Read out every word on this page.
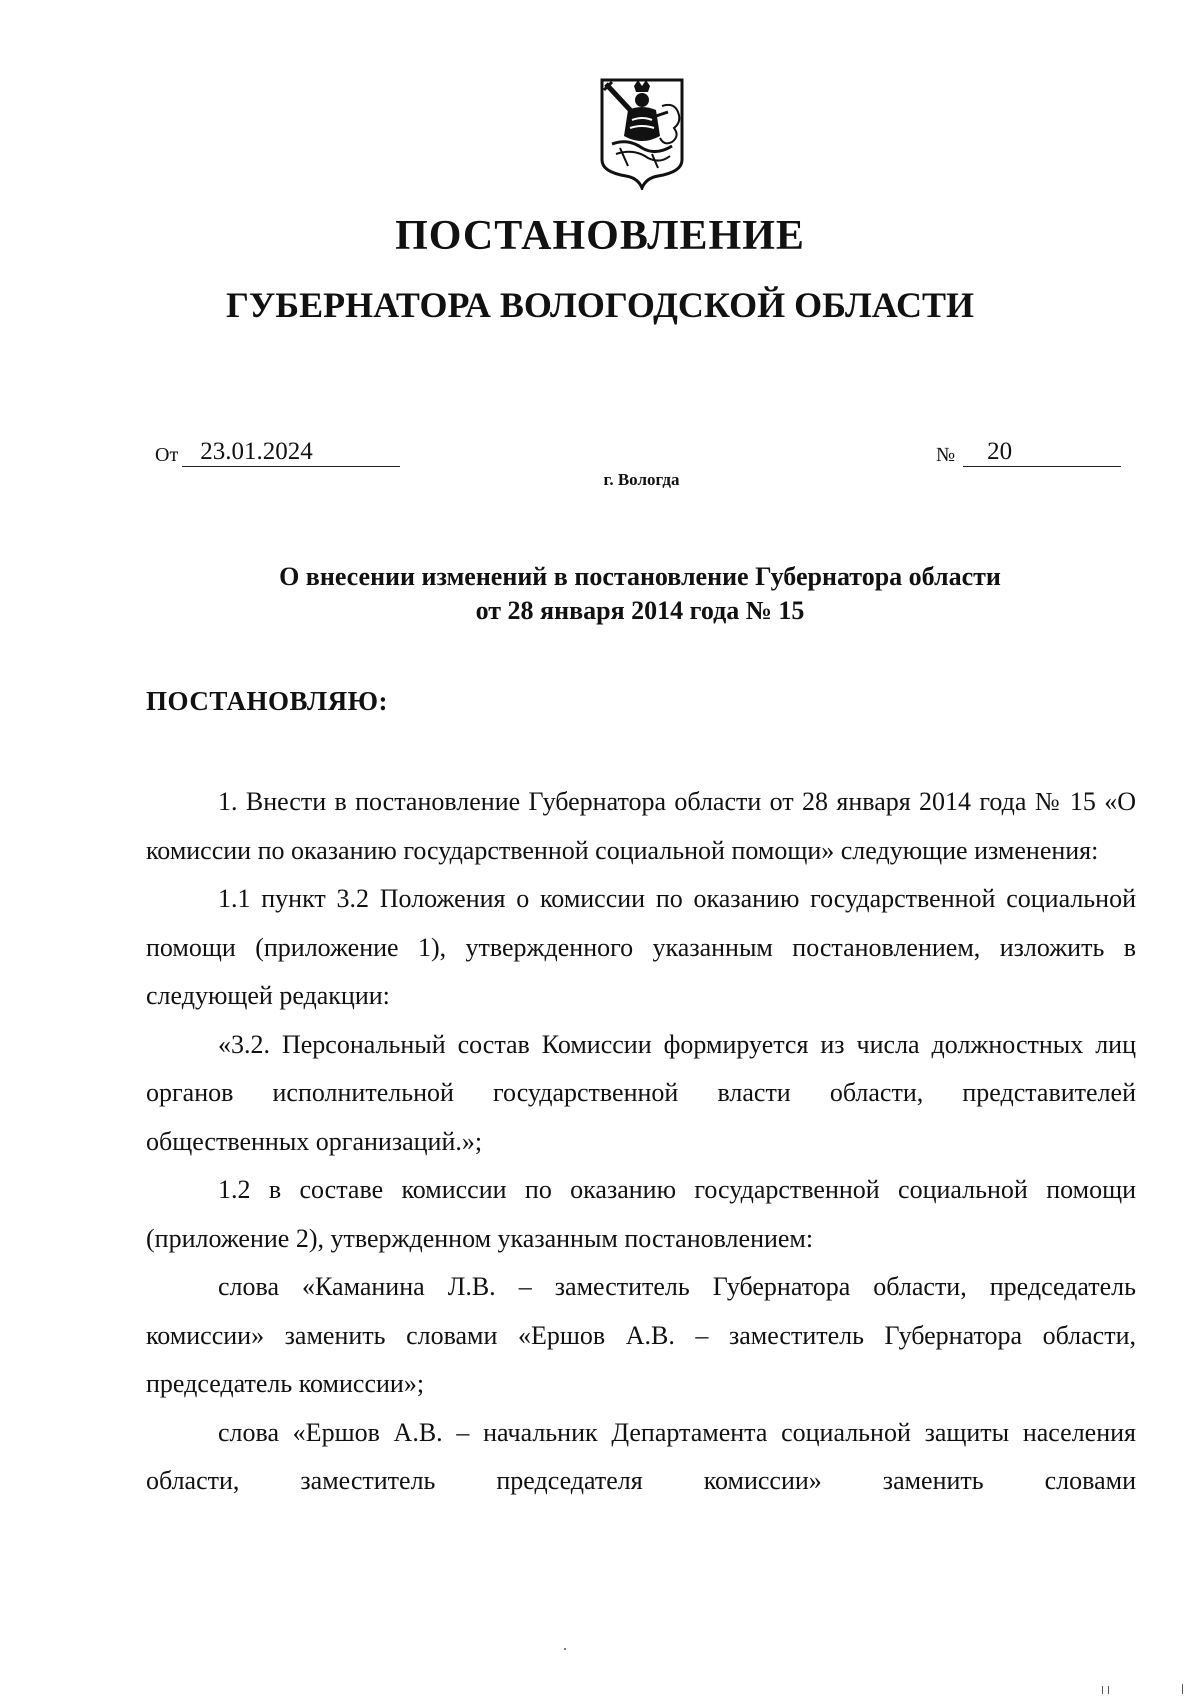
ПОСТАНОВЛЕНИЕ
ГУБЕРНАТОРА ВОЛОГОДСКОЙ ОБЛАСТИ
От 23.01.2024	№ 20
г. Вологда
О внесении изменений в постановление Губернатора области
от 28 января 2014 года № 15
ПОСТАНОВЛЯЮ:

1. Внести в постановление Губернатора области от 28 января 2014 года № 15 «О комиссии по оказанию государственной социальной помощи» следующие изменения:

1.1 пункт 3.2 Положения о комиссии по оказанию государственной социальной помощи (приложение 1), утвержденного указанным постановлением, изложить в следующей редакции:

«3.2. Персональный состав Комиссии формируется из числа должностных лиц органов исполнительной государственной власти области, представителей общественных организаций.»;

1.2 в составе комиссии по оказанию государственной социальной помощи (приложение 2), утвержденном указанным постановлением:

слова «Каманина Л.В. – заместитель Губернатора области, председатель комиссии» заменить словами «Ершов А.В. – заместитель Губернатора области, председатель комиссии»;

слова «Ершов А.В. – начальник Департамента социальной защиты населения области, заместитель председателя комиссии» заменить словами
